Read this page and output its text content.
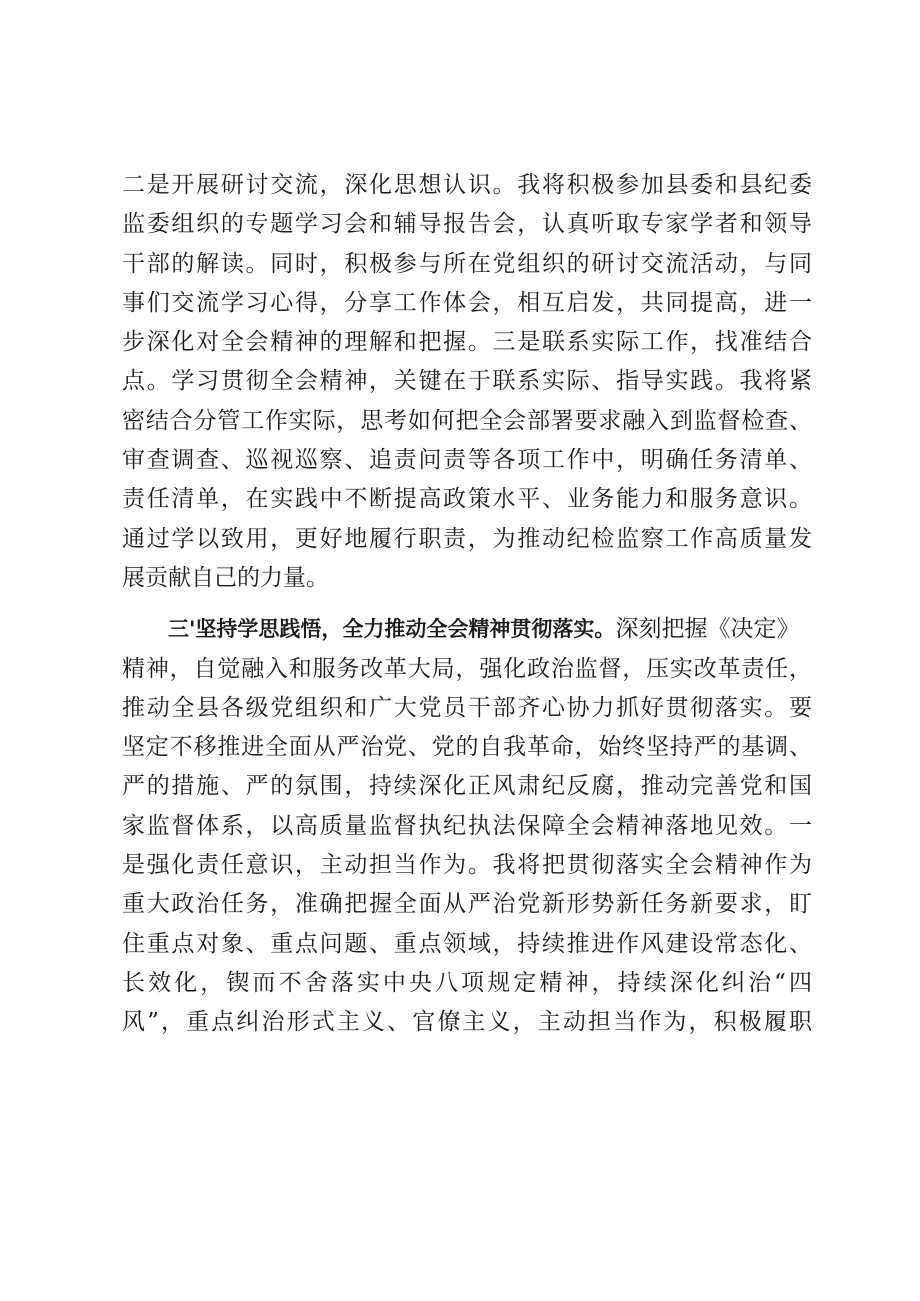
二是开展研讨交流，深化思想认识。我将积极参加县委和县纪委
监委组织的专题学习会和辅导报告会，认真听取专家学者和领导
干部的解读。同时，积极参与所在党组织的研讨交流活动，与同
事们交流学习心得，分享工作体会，相互启发，共同提高，进一
步深化对全会精神的理解和把握。三是联系实际工作，找准结合
点。学习贯彻全会精神，关键在于联系实际、指导实践。我将紧
密结合分管工作实际，思考如何把全会部署要求融入到监督检查、
审查调查、巡视巡察、追责问责等各项工作中，明确任务清单、
责任清单，在实践中不断提高政策水平、业务能力和服务意识。
通过学以致用，更好地履行职责，为推动纪检监察工作高质量发
展贡献自己的力量。
三'坚持学思践悟，全力推动全会精神贯彻落实。深刻把握《决定》
精神，自觉融入和服务改革大局，强化政治监督，压实改革责任，
推动全县各级党组织和广大党员干部齐心协力抓好贯彻落实。要
坚定不移推进全面从严治党、党的自我革命，始终坚持严的基调、
严的措施、严的氛围，持续深化正风肃纪反腐，推动完善党和国
家监督体系，以高质量监督执纪执法保障全会精神落地见效。一
是强化责任意识，主动担当作为。我将把贯彻落实全会精神作为
重大政治任务，准确把握全面从严治党新形势新任务新要求，盯
住重点对象、重点问题、重点领域，持续推进作风建设常态化、
长效化，锲而不舍落实中央八项规定精神，持续深化纠治“四
风”，重点纠治形式主义、官僚主义，主动担当作为，积极履职
